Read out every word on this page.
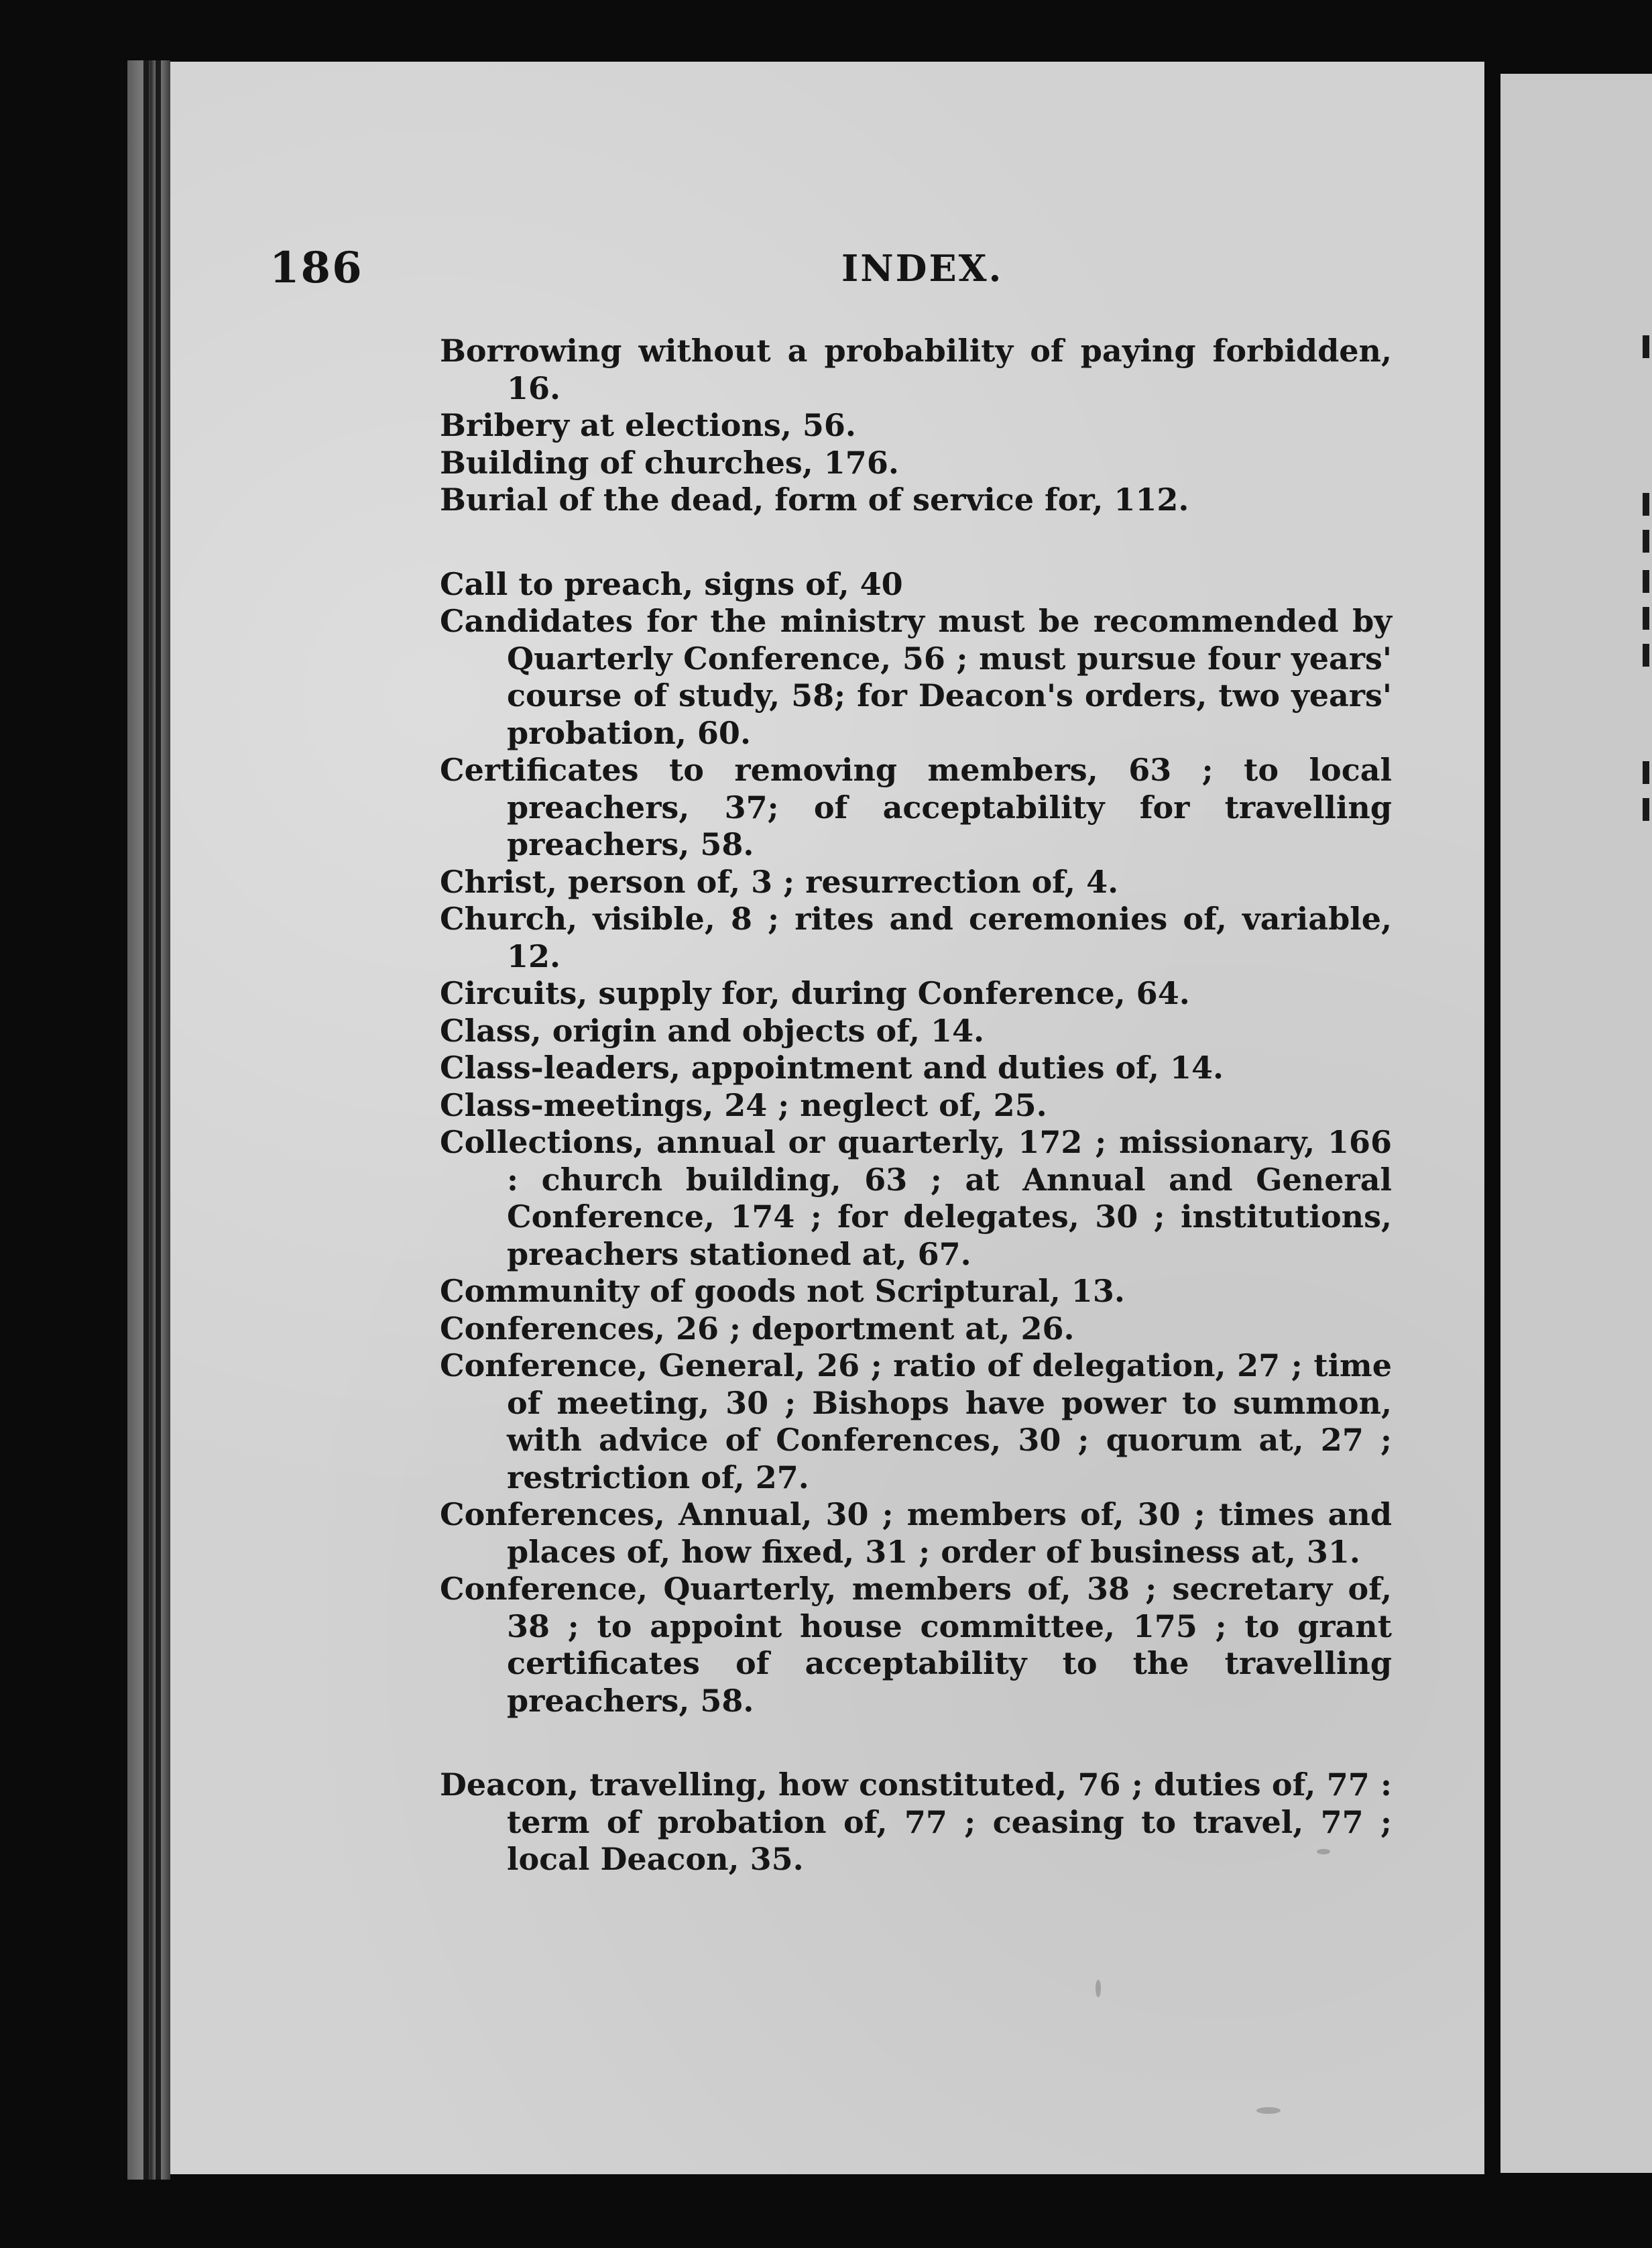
186	INDEX.

Borrowing without a probability of paying forbidden, 16.

Bribery at elections, 56.

Building of churches, 176.

Burial of the dead, form of service for, 112.

Call to preach, signs of, 40

Candidates for the ministry must be recommended by Quarterly Conference, 56 ; must pursue four years' course of study, 58; for Deacon's orders, two years' probation, 60.

Certificates to removing members, 63 ; to local preachers, 37; of acceptability for travelling preachers, 58.

Christ, person of, 3 ; resurrection of, 4.

Church, visible, 8 ; rites and ceremonies of, variable, 12.

Circuits, supply for, during Conference, 64.

Class, origin and objects of, 14.

Class-leaders, appointment and duties of, 14.

Class-meetings, 24 ; neglect of, 25.

Collections, annual or quarterly, 172 ; missionary, 166 : church building, 63 ; at Annual and General Conference, 174 ; for delegates, 30 ; institutions, preachers stationed at, 67.

Community of goods not Scriptural, 13.

Conferences, 26 ; deportment at, 26.

Conference, General, 26 ; ratio of delegation, 27 ; time of meeting, 30 ; Bishops have power to summon, with advice of Conferences, 30 ; quorum at, 27 ; restriction of, 27.

Conferences, Annual, 30 ; members of, 30 ; times and places of, how fixed, 31 ; order of business at, 31.

Conference, Quarterly, members of, 38 ; secretary of, 38 ; to appoint house committee, 175 ; to grant certificates of acceptability to the travelling preachers, 58.

Deacon, travelling, how constituted, 76 ; duties of, 77 : term of probation of, 77 ; ceasing to travel, 77 ; local Deacon, 35.
